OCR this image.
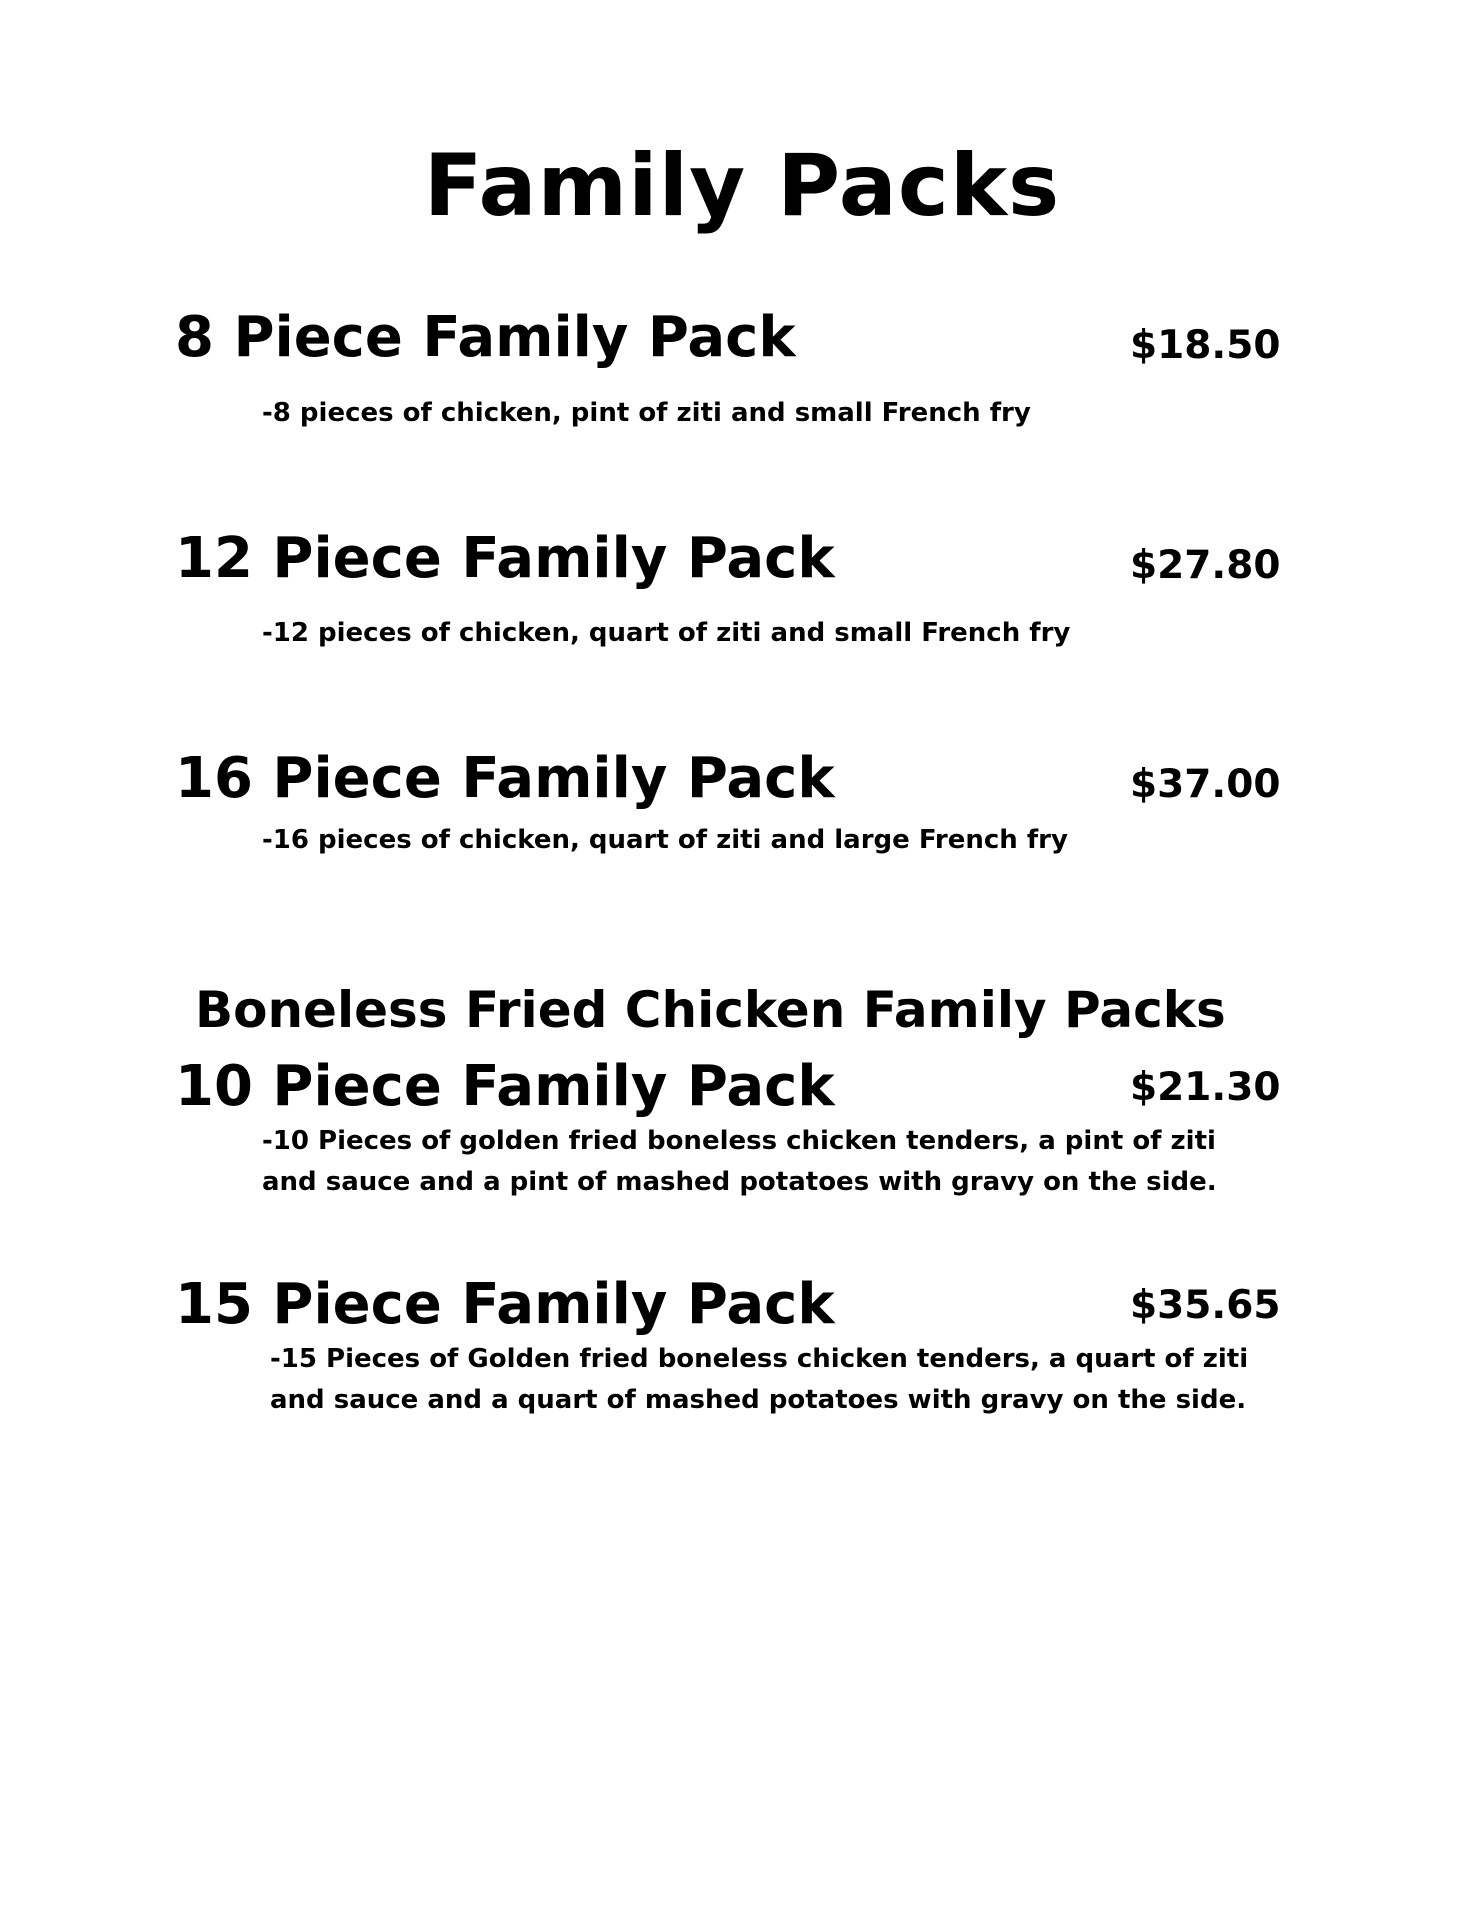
Family Packs
8 Piece Family Pack	$18.50
-8 pieces of chicken, pint of ziti and small French fry
12 Piece Family Pack	$27.80
-12 pieces of chicken, quart of ziti and small French fry
16 Piece Family Pack	$37.00
-16 pieces of chicken, quart of ziti and large French fry
Boneless Fried Chicken Family Packs
10 Piece Family Pack	$21.30
-10 Pieces of golden fried boneless chicken tenders, a pint of ziti
and sauce and a pint of mashed potatoes with gravy on the side.
15 Piece Family Pack	$35.65
-15 Pieces of Golden fried boneless chicken tenders, a quart of ziti
and sauce and a quart of mashed potatoes with gravy on the side.
